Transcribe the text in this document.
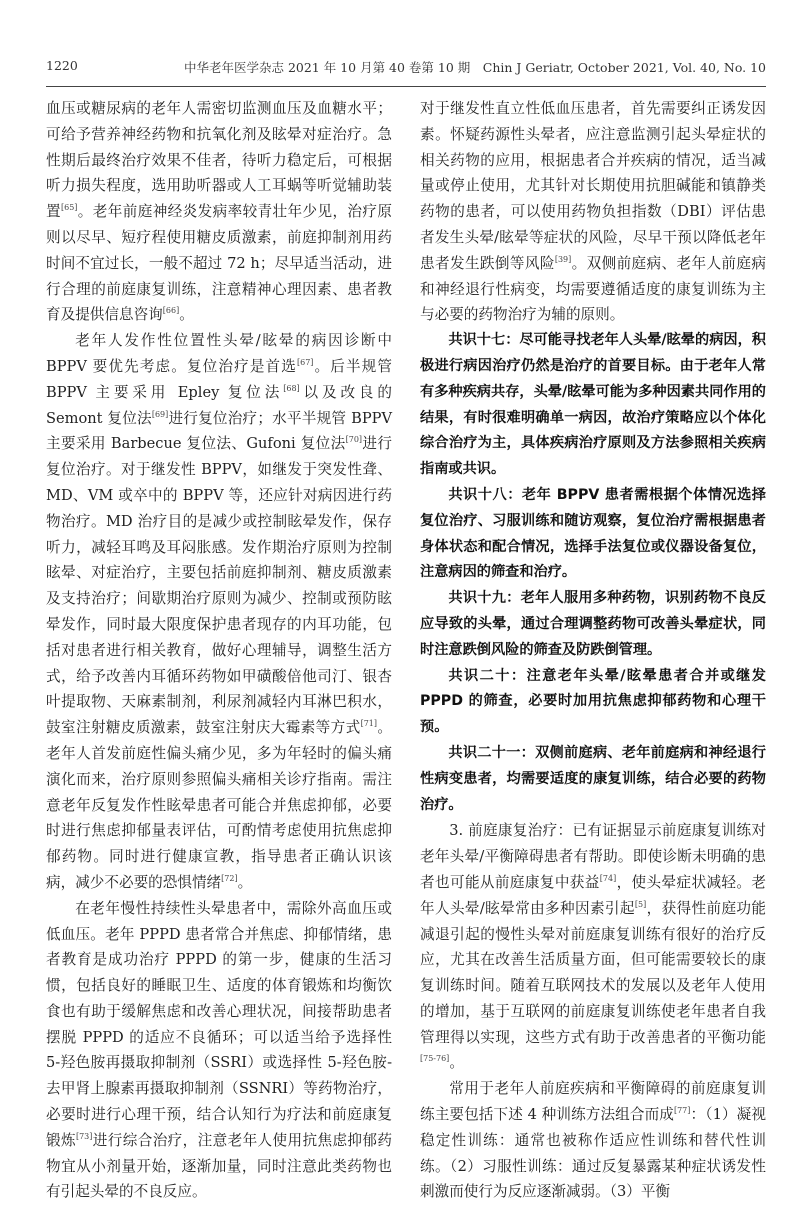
1220	中华老年医学杂志 2021 年 10 月第 40 卷第 10 期　Chin J Geriatr, October 2021, Vol. 40, No. 10

血压或糖尿病的老年人需密切监测血压及血糖水平；可给予营养神经药物和抗氧化剂及眩晕对症治疗。急性期后最终治疗效果不佳者，待听力稳定后，可根据听力损失程度，选用助听器或人工耳蜗等听觉辅助装置[65]。老年前庭神经炎发病率较青壮年少见，治疗原则以尽早、短疗程使用糖皮质激素，前庭抑制剂用药时间不宜过长，一般不超过 72 h；尽早适当活动，进行合理的前庭康复训练，注意精神心理因素、患者教育及提供信息咨询[66]。

老年人发作性位置性头晕/眩晕的病因诊断中 BPPV 要优先考虑。复位治疗是首选[67]。后半规管 BPPV 主要采用 Epley 复位法[68]以及改良的 Semont 复位法[69]进行复位治疗；水平半规管 BPPV 主要采用 Barbecue 复位法、Gufoni 复位法[70]进行复位治疗。对于继发性 BPPV，如继发于突发性聋、MD、VM 或卒中的 BPPV 等，还应针对病因进行药物治疗。MD 治疗目的是减少或控制眩晕发作，保存听力，减轻耳鸣及耳闷胀感。发作期治疗原则为控制眩晕、对症治疗，主要包括前庭抑制剂、糖皮质激素及支持治疗；间歇期治疗原则为减少、控制或预防眩晕发作，同时最大限度保护患者现存的内耳功能，包括对患者进行相关教育，做好心理辅导，调整生活方式，给予改善内耳循环药物如甲磺酸倍他司汀、银杏叶提取物、天麻素制剂，利尿剂减轻内耳淋巴积水，鼓室注射糖皮质激素，鼓室注射庆大霉素等方式[71]。老年人首发前庭性偏头痛少见，多为年轻时的偏头痛演化而来，治疗原则参照偏头痛相关诊疗指南。需注意老年反复发作性眩晕患者可能合并焦虑抑郁，必要时进行焦虑抑郁量表评估，可酌情考虑使用抗焦虑抑郁药物。同时进行健康宣教，指导患者正确认识该病，减少不必要的恐惧情绪[72]。

在老年慢性持续性头晕患者中，需除外高血压或低血压。老年 PPPD 患者常合并焦虑、抑郁情绪，患者教育是成功治疗 PPPD 的第一步，健康的生活习惯，包括良好的睡眠卫生、适度的体育锻炼和均衡饮食也有助于缓解焦虑和改善心理状况，间接帮助患者摆脱 PPPD 的适应不良循环；可以适当给予选择性 5-羟色胺再摄取抑制剂（SSRI）或选择性 5-羟色胺-去甲肾上腺素再摄取抑制剂（SSNRI）等药物治疗，必要时进行心理干预，结合认知行为疗法和前庭康复锻炼[73]进行综合治疗，注意老年人使用抗焦虑抑郁药物宜从小剂量开始，逐渐加量，同时注意此类药物也有引起头晕的不良反应。

对于继发性直立性低血压患者，首先需要纠正诱发因素。怀疑药源性头晕者，应注意监测引起头晕症状的相关药物的应用，根据患者合并疾病的情况，适当减量或停止使用，尤其针对长期使用抗胆碱能和镇静类药物的患者，可以使用药物负担指数（DBI）评估患者发生头晕/眩晕等症状的风险，尽早干预以降低老年患者发生跌倒等风险[39]。双侧前庭病、老年人前庭病和神经退行性病变，均需要遵循适度的康复训练为主与必要的药物治疗为辅的原则。

共识十七：尽可能寻找老年人头晕/眩晕的病因，积极进行病因治疗仍然是治疗的首要目标。由于老年人常有多种疾病共存，头晕/眩晕可能为多种因素共同作用的结果，有时很难明确单一病因，故治疗策略应以个体化综合治疗为主，具体疾病治疗原则及方法参照相关疾病指南或共识。

共识十八：老年 BPPV 患者需根据个体情况选择复位治疗、习服训练和随访观察，复位治疗需根据患者身体状态和配合情况，选择手法复位或仪器设备复位，注意病因的筛查和治疗。

共识十九：老年人服用多种药物，识别药物不良反应导致的头晕，通过合理调整药物可改善头晕症状，同时注意跌倒风险的筛查及防跌倒管理。

共识二十：注意老年头晕/眩晕患者合并或继发 PPPD 的筛查，必要时加用抗焦虑抑郁药物和心理干预。

共识二十一：双侧前庭病、老年前庭病和神经退行性病变患者，均需要适度的康复训练，结合必要的药物治疗。

3. 前庭康复治疗：已有证据显示前庭康复训练对老年头晕/平衡障碍患者有帮助。即使诊断未明确的患者也可能从前庭康复中获益[74]，使头晕症状减轻。老年人头晕/眩晕常由多种因素引起[5]，获得性前庭功能减退引起的慢性头晕对前庭康复训练有很好的治疗反应，尤其在改善生活质量方面，但可能需要较长的康复训练时间。随着互联网技术的发展以及老年人使用的增加，基于互联网的前庭康复训练使老年患者自我管理得以实现，这些方式有助于改善患者的平衡功能[75-76]。

常用于老年人前庭疾病和平衡障碍的前庭康复训练主要包括下述 4 种训练方法组合而成[77]：（1）凝视稳定性训练：通常也被称作适应性训练和替代性训练。（2）习服性训练：通过反复暴露某种症状诱发性刺激而使行为反应逐渐减弱。（3）平衡
